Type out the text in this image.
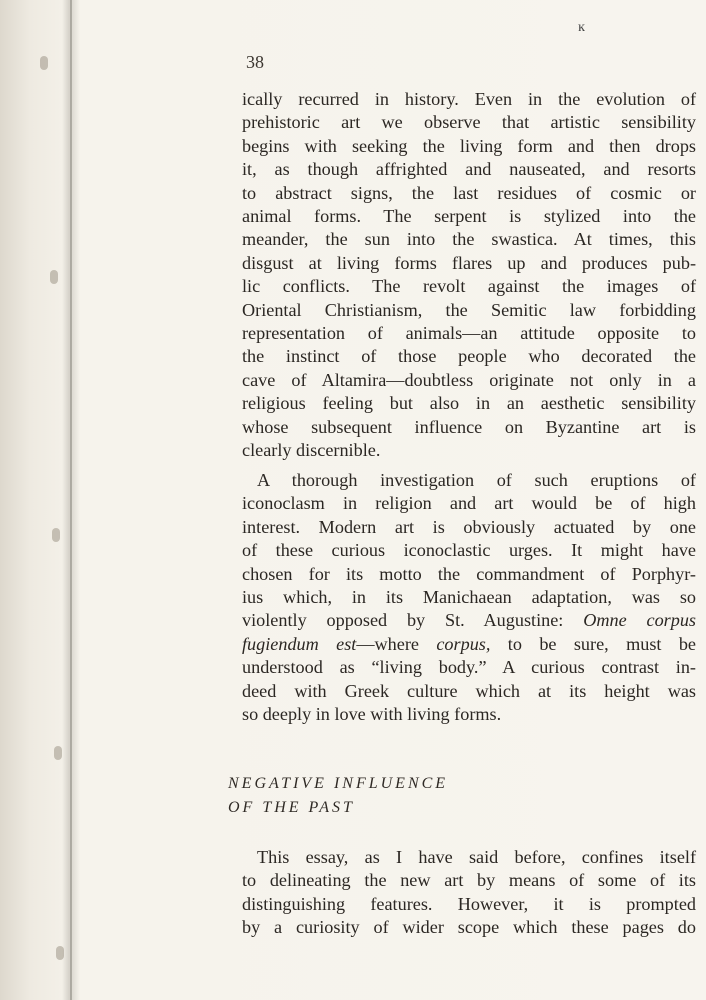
ĸ
38
ically recurred in history. Even in the evolution of
prehistoric art we observe that artistic sensibility
begins with seeking the living form and then drops
it, as though affrighted and nauseated, and resorts
to abstract signs, the last residues of cosmic or
animal forms. The serpent is stylized into the
meander, the sun into the swastica. At times, this
disgust at living forms flares up and produces pub-
lic conflicts. The revolt against the images of
Oriental Christianism, the Semitic law forbidding
representation of animals—an attitude opposite to
the instinct of those people who decorated the
cave of Altamira—doubtless originate not only in a
religious feeling but also in an aesthetic sensibility
whose subsequent influence on Byzantine art is
clearly discernible.
A thorough investigation of such eruptions of
iconoclasm in religion and art would be of high
interest. Modern art is obviously actuated by one
of these curious iconoclastic urges. It might have
chosen for its motto the commandment of Porphyr-
ius which, in its Manichaean adaptation, was so
violently opposed by St. Augustine: Omne corpus
fugiendum est—where corpus, to be sure, must be
understood as “living body.” A curious contrast in-
deed with Greek culture which at its height was
so deeply in love with living forms.
NEGATIVE INFLUENCE
OF THE PAST
This essay, as I have said before, confines itself
to delineating the new art by means of some of its
distinguishing features. However, it is prompted
by a curiosity of wider scope which these pages do
